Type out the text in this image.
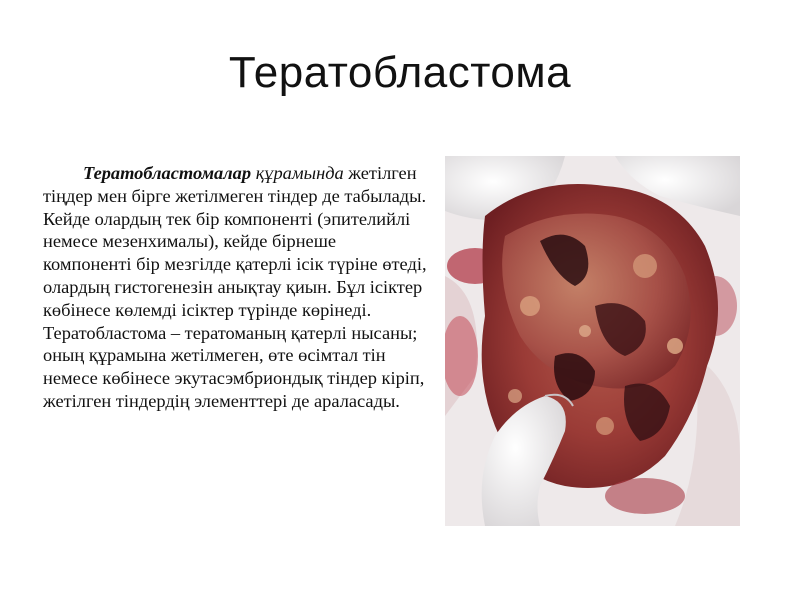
Тератобластома

Тератобластомалар құрамында жетілген тіңдер мен бірге жетілмеген тіндер де табылады. Кейде олардың тек бір компоненті (эпителийлі немесе мезенхималы), кейде бірнеше компоненті бір мезгілде қатерлі ісік түріне өтеді, олардың гистогенезін анықтау қиын. Бұл ісіктер көбінесе көлемді ісіктер түрінде көрінеді. Тератобластома – тератоманың қатерлі нысаны; оның құрамына жетілмеген, өте өсімтал тін немесе көбінесе экутасэмбриондық тіндер кіріп, жетілген тіндердің элементтері де араласады.
